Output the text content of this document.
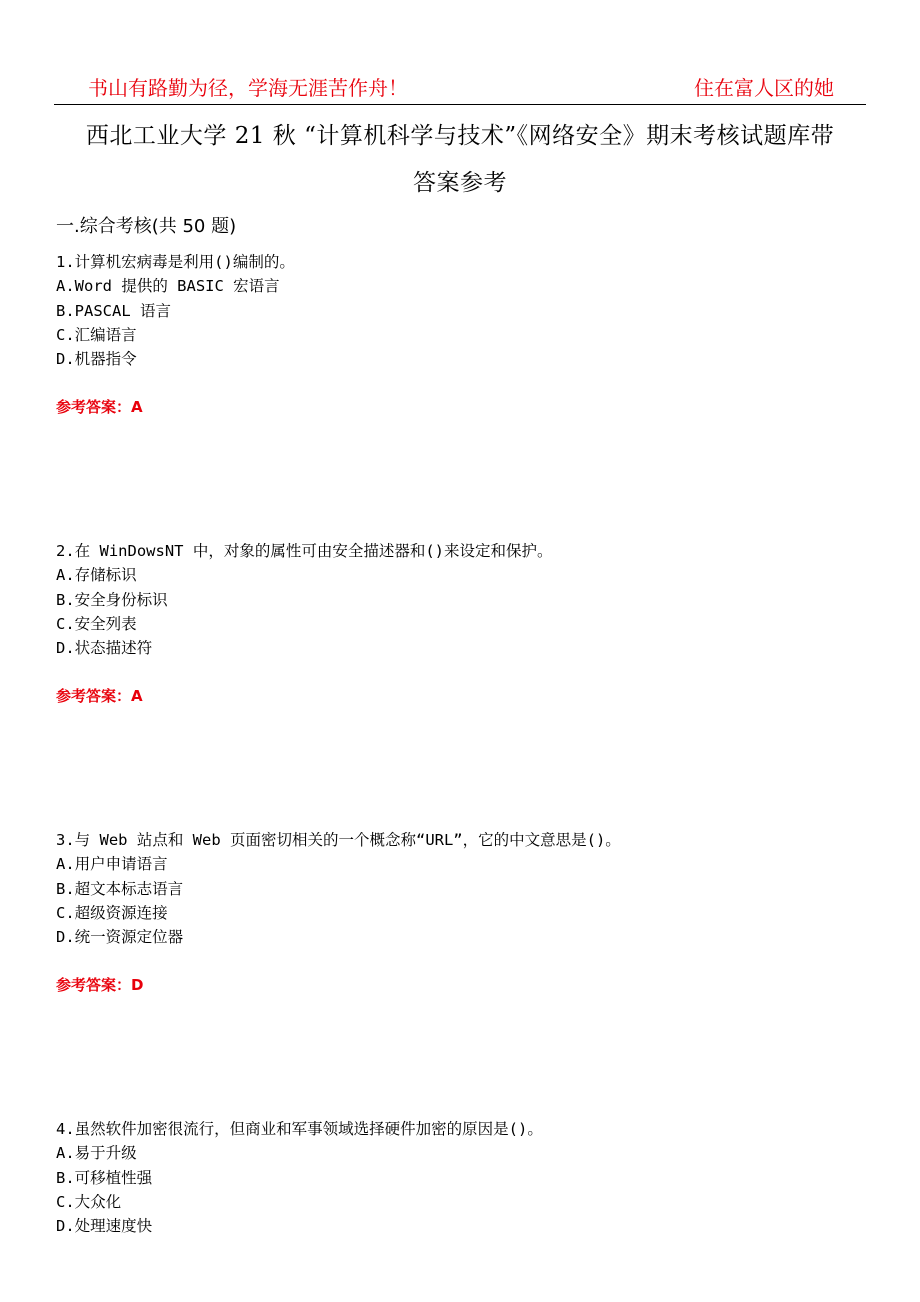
书山有路勤为径，学海无涯苦作舟！	住在富人区的她
西北工业大学 21 秋 “计算机科学与技术”《网络安全》期末考核试题库带
答案参考
一.综合考核(共 50 题)
1.计算机宏病毒是利用()编制的。
A.Word 提供的 BASIC 宏语言
B.PASCAL 语言
C.汇编语言
D.机器指令
参考答案：A
2.在 WinDowsNT 中，对象的属性可由安全描述器和()来设定和保护。
A.存储标识
B.安全身份标识
C.安全列表
D.状态描述符
参考答案：A
3.与 Web 站点和 Web 页面密切相关的一个概念称“URL”，它的中文意思是()。
A.用户申请语言
B.超文本标志语言
C.超级资源连接
D.统一资源定位器
参考答案：D
4.虽然软件加密很流行，但商业和军事领域选择硬件加密的原因是()。
A.易于升级
B.可移植性强
C.大众化
D.处理速度快
